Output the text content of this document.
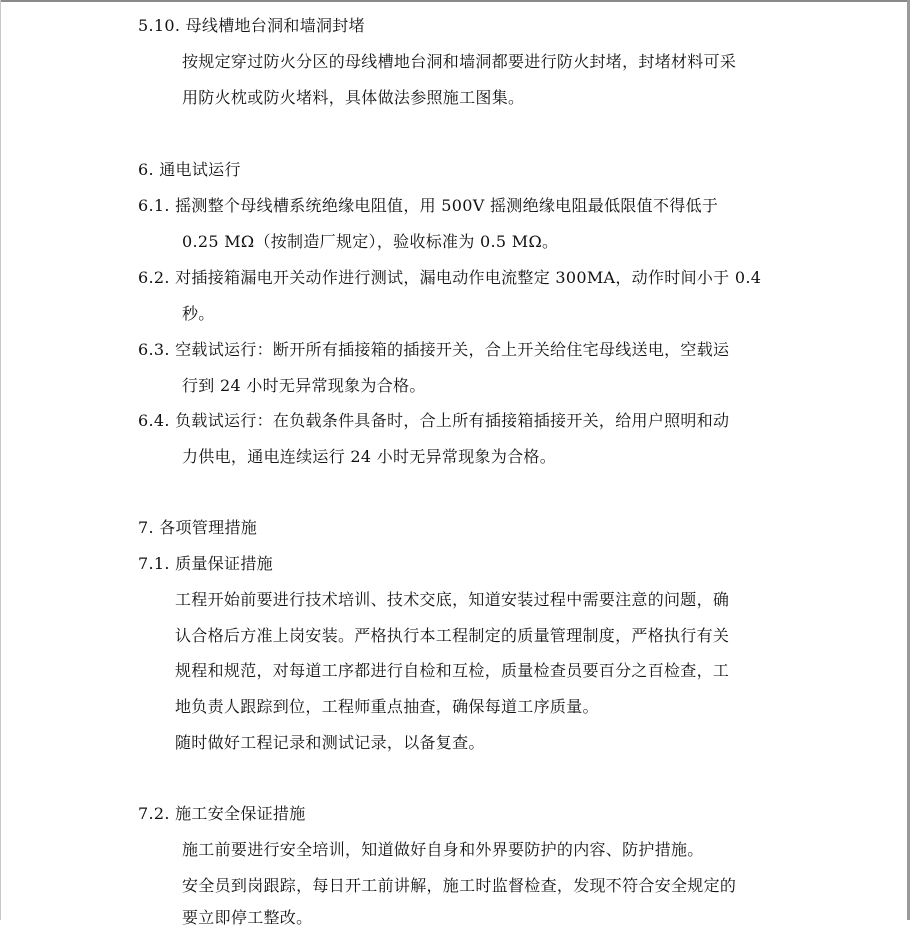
5.10. 母线槽地台洞和墙洞封堵
按规定穿过防火分区的母线槽地台洞和墙洞都要进行防火封堵，封堵材料可采
用防火枕或防火堵料，具体做法参照施工图集。
6. 通电试运行
6.1. 摇测整个母线槽系统绝缘电阻值，用 500V 摇测绝缘电阻最低限值不得低于
0.25 MΩ（按制造厂规定），验收标准为 0.5 MΩ。
6.2. 对插接箱漏电开关动作进行测试，漏电动作电流整定 300MA，动作时间小于 0.4
秒。
6.3. 空载试运行：断开所有插接箱的插接开关，合上开关给住宅母线送电，空载运
行到 24 小时无异常现象为合格。
6.4. 负载试运行：在负载条件具备时，合上所有插接箱插接开关，给用户照明和动
力供电，通电连续运行 24 小时无异常现象为合格。
7. 各项管理措施
7.1. 质量保证措施
工程开始前要进行技术培训、技术交底，知道安装过程中需要注意的问题，确
认合格后方准上岗安装。严格执行本工程制定的质量管理制度，严格执行有关
规程和规范，对每道工序都进行自检和互检，质量检查员要百分之百检查，工
地负责人跟踪到位，工程师重点抽查，确保每道工序质量。
随时做好工程记录和测试记录，以备复查。
7.2. 施工安全保证措施
施工前要进行安全培训，知道做好自身和外界要防护的内容、防护措施。
安全员到岗跟踪，每日开工前讲解，施工时监督检查，发现不符合安全规定的
要立即停工整改。
